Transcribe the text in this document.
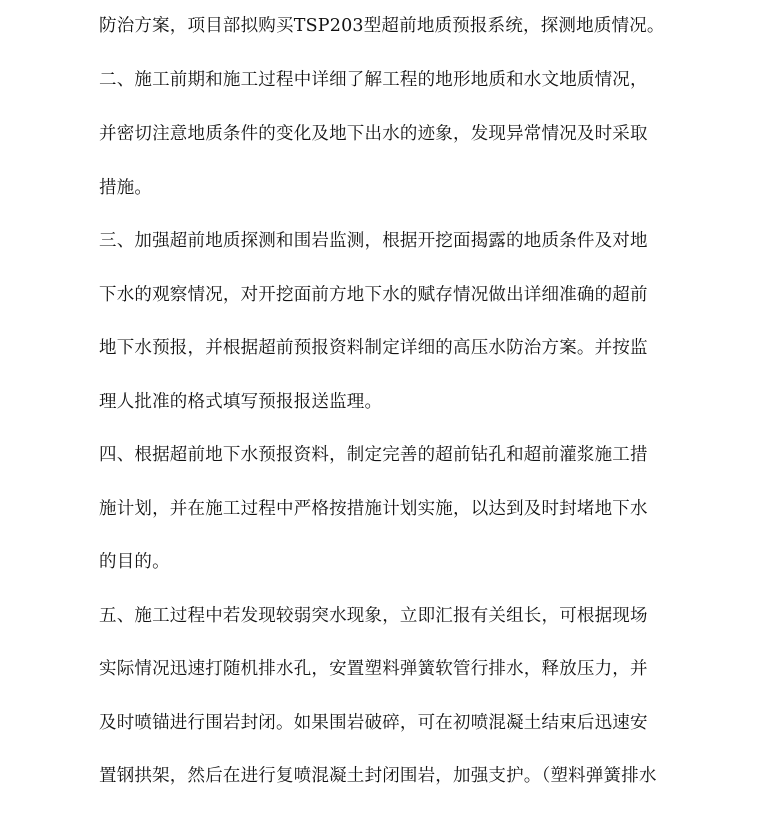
防治方案，项目部拟购买TSP203型超前地质预报系统，探测地质情况。
二、施工前期和施工过程中详细了解工程的地形地质和水文地质情况，
并密切注意地质条件的变化及地下出水的迹象，发现异常情况及时采取
措施。
三、加强超前地质探测和围岩监测，根据开挖面揭露的地质条件及对地
下水的观察情况，对开挖面前方地下水的赋存情况做出详细准确的超前
地下水预报，并根据超前预报资料制定详细的高压水防治方案。并按监
理人批准的格式填写预报报送监理。
四、根据超前地下水预报资料，制定完善的超前钻孔和超前灌浆施工措
施计划，并在施工过程中严格按措施计划实施，以达到及时封堵地下水
的目的。
五、施工过程中若发现较弱突水现象，立即汇报有关组长，可根据现场
实际情况迅速打随机排水孔，安置塑料弹簧软管行排水，释放压力，并
及时喷锚进行围岩封闭。如果围岩破碎，可在初喷混凝土结束后迅速安
置钢拱架，然后在进行复喷混凝土封闭围岩，加强支护。（塑料弹簧排水
